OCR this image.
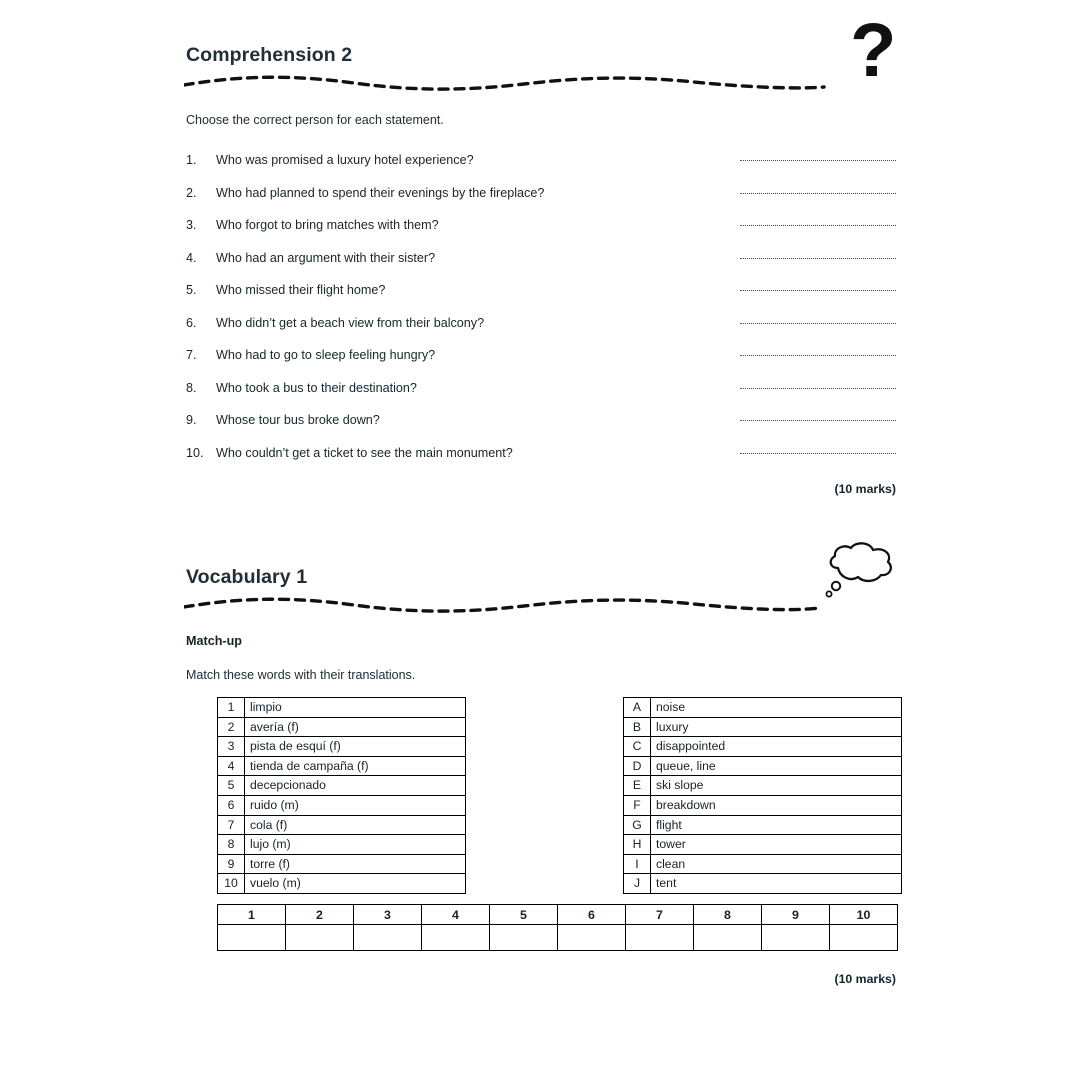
Comprehension 2	?

Choose the correct person for each statement.

1.	Who was promised a luxury hotel experience?
2.	Who had planned to spend their evenings by the fireplace?
3.	Who forgot to bring matches with them?
4.	Who had an argument with their sister?
5.	Who missed their flight home?
6.	Who didn’t get a beach view from their balcony?
7.	Who had to go to sleep feeling hungry?
8.	Who took a bus to their destination?
9.	Whose tour bus broke down?
10. Who couldn’t get a ticket to see the main monument?
(10 marks)
Vocabulary 1

Match-up

Match these words with their translations.

1	limpio
2	avería (f)
3	pista de esquí (f)
4	tienda de campaña (f)
5	decepcionado
6	ruido (m)
7	cola (f)
8	lujo (m)
9	torre (f)
10	vuelo (m)
A	noise
B	luxury
C	disappointed
D	queue, line
E	ski slope
F	breakdown
G	flight
H	tower
I	clean
J	tent
1	2	3	4	5	6	7	8	9	10

(10 marks)
